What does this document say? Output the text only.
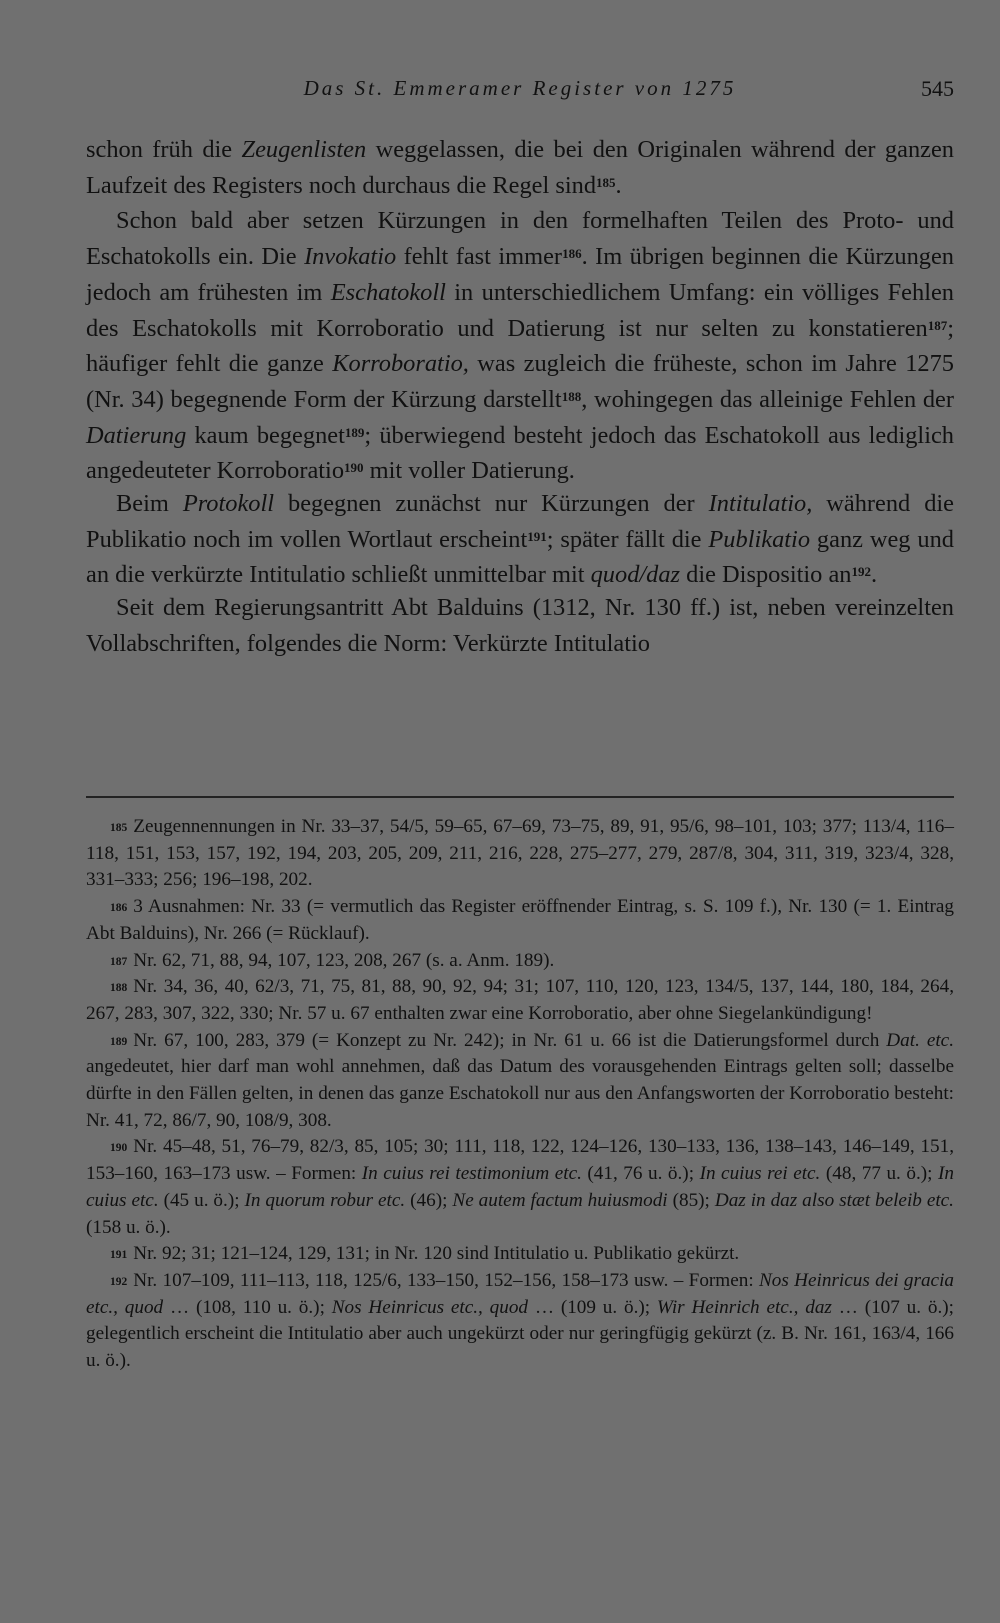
Das St. Emmeramer Register von 1275	545

schon früh die Zeugenlisten weggelassen, die bei den Originalen während der ganzen Laufzeit des Registers noch durchaus die Regel sind$^{185}$.

Schon bald aber setzen Kürzungen in den formelhaften Teilen des Proto- und Eschatokolls ein. Die Invokatio fehlt fast immer$^{186}$. Im übrigen beginnen die Kürzungen jedoch am frühesten im Eschatokoll in unterschiedlichem Umfang: ein völliges Fehlen des Eschatokolls mit Korroboratio und Datierung ist nur selten zu konstatieren$^{187}$; häufiger fehlt die ganze Korroboratio, was zugleich die früheste, schon im Jahre 1275 (Nr. 34) begegnende Form der Kürzung darstellt$^{188}$, wohingegen das alleinige Fehlen der Datierung kaum begegnet$^{189}$; überwiegend besteht jedoch das Eschatokoll aus lediglich angedeuteter Korroboratio$^{190}$ mit voller Datierung.

Beim Protokoll begegnen zunächst nur Kürzungen der Intitulatio, während die Publikatio noch im vollen Wortlaut erscheint$^{191}$; später fällt die Publikatio ganz weg und an die verkürzte Intitulatio schließt unmittelbar mit quod/daz die Dispositio an$^{192}$.

Seit dem Regierungsantritt Abt Balduins (1312, Nr. 130 ff.) ist, neben vereinzelten Vollabschriften, folgendes die Norm: Verkürzte Intitulatio

$^{185}$ Zeugennennungen in Nr. 33–37, 54/5, 59–65, 67–69, 73–75, 89, 91, 95/6, 98–101, 103; 377; 113/4, 116–118, 151, 153, 157, 192, 194, 203, 205, 209, 211, 216, 228, 275–277, 279, 287/8, 304, 311, 319, 323/4, 328, 331–333; 256; 196–198, 202.

$^{186}$ 3 Ausnahmen: Nr. 33 (= vermutlich das Register eröffnender Eintrag, s. S. 109 f.), Nr. 130 (= 1. Eintrag Abt Balduins), Nr. 266 (= Rücklauf).

$^{187}$ Nr. 62, 71, 88, 94, 107, 123, 208, 267 (s. a. Anm. 189).

$^{188}$ Nr. 34, 36, 40, 62/3, 71, 75, 81, 88, 90, 92, 94; 31; 107, 110, 120, 123, 134/5, 137, 144, 180, 184, 264, 267, 283, 307, 322, 330; Nr. 57 u. 67 enthalten zwar eine Korroboratio, aber ohne Siegelankündigung!

$^{189}$ Nr. 67, 100, 283, 379 (= Konzept zu Nr. 242); in Nr. 61 u. 66 ist die Datierungsformel durch Dat. etc. angedeutet, hier darf man wohl annehmen, daß das Datum des vorausgehenden Eintrags gelten soll; dasselbe dürfte in den Fällen gelten, in denen das ganze Eschatokoll nur aus den Anfangsworten der Korroboratio besteht: Nr. 41, 72, 86/7, 90, 108/9, 308.

$^{190}$ Nr. 45–48, 51, 76–79, 82/3, 85, 105; 30; 111, 118, 122, 124–126, 130–133, 136, 138–143, 146–149, 151, 153–160, 163–173 usw. – Formen: In cuius rei testimonium etc. (41, 76 u. ö.); In cuius rei etc. (48, 77 u. ö.); In cuius etc. (45 u. ö.); In quorum robur etc. (46); Ne autem factum huiusmodi (85); Daz in daz also stæt beleib etc. (158 u. ö.).

$^{191}$ Nr. 92; 31; 121–124, 129, 131; in Nr. 120 sind Intitulatio u. Publikatio gekürzt.

$^{192}$ Nr. 107–109, 111–113, 118, 125/6, 133–150, 152–156, 158–173 usw. – Formen: Nos Heinricus dei gracia etc., quod … (108, 110 u. ö.); Nos Heinricus etc., quod … (109 u. ö.); Wir Heinrich etc., daz … (107 u. ö.); gelegentlich erscheint die Intitulatio aber auch ungekürzt oder nur geringfügig gekürzt (z. B. Nr. 161, 163/4, 166 u. ö.).
